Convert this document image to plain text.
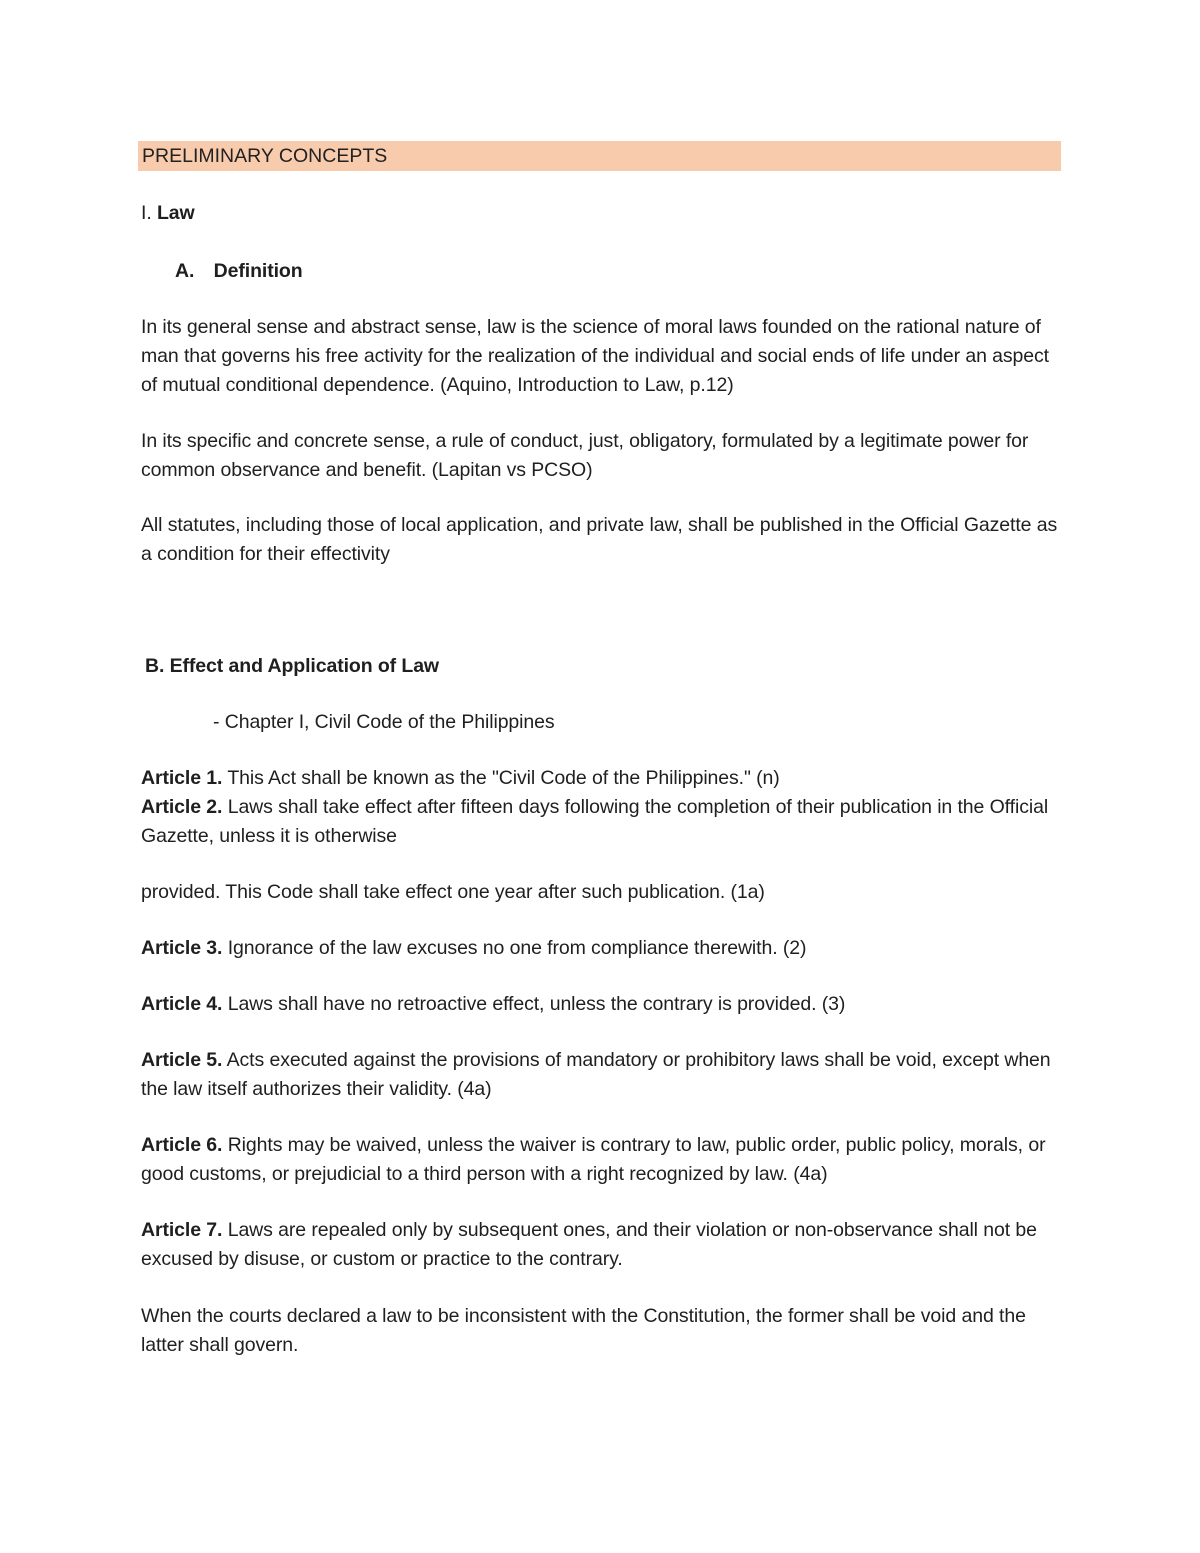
PRELIMINARY CONCEPTS
I. Law
A. Definition
In its general sense and abstract sense, law is the science of moral laws founded on the rational nature of man that governs his free activity for the realization of the individual and social ends of life under an aspect of mutual conditional dependence. (Aquino, Introduction to Law, p.12)
In its specific and concrete sense, a rule of conduct, just, obligatory, formulated by a legitimate power for common observance and benefit. (Lapitan vs PCSO)
All statutes, including those of local application, and private law, shall be published in the Official Gazette as a condition for their effectivity
B. Effect and Application of Law
- Chapter I, Civil Code of the Philippines
Article 1. This Act shall be known as the "Civil Code of the Philippines." (n)
Article 2. Laws shall take effect after fifteen days following the completion of their publication in the Official Gazette, unless it is otherwise
provided. This Code shall take effect one year after such publication. (1a)
Article 3. Ignorance of the law excuses no one from compliance therewith. (2)
Article 4. Laws shall have no retroactive effect, unless the contrary is provided. (3)
Article 5. Acts executed against the provisions of mandatory or prohibitory laws shall be void, except when the law itself authorizes their validity. (4a)
Article 6. Rights may be waived, unless the waiver is contrary to law, public order, public policy, morals, or good customs, or prejudicial to a third person with a right recognized by law. (4a)
Article 7. Laws are repealed only by subsequent ones, and their violation or non-observance shall not be excused by disuse, or custom or practice to the contrary.
When the courts declared a law to be inconsistent with the Constitution, the former shall be void and the latter shall govern.
